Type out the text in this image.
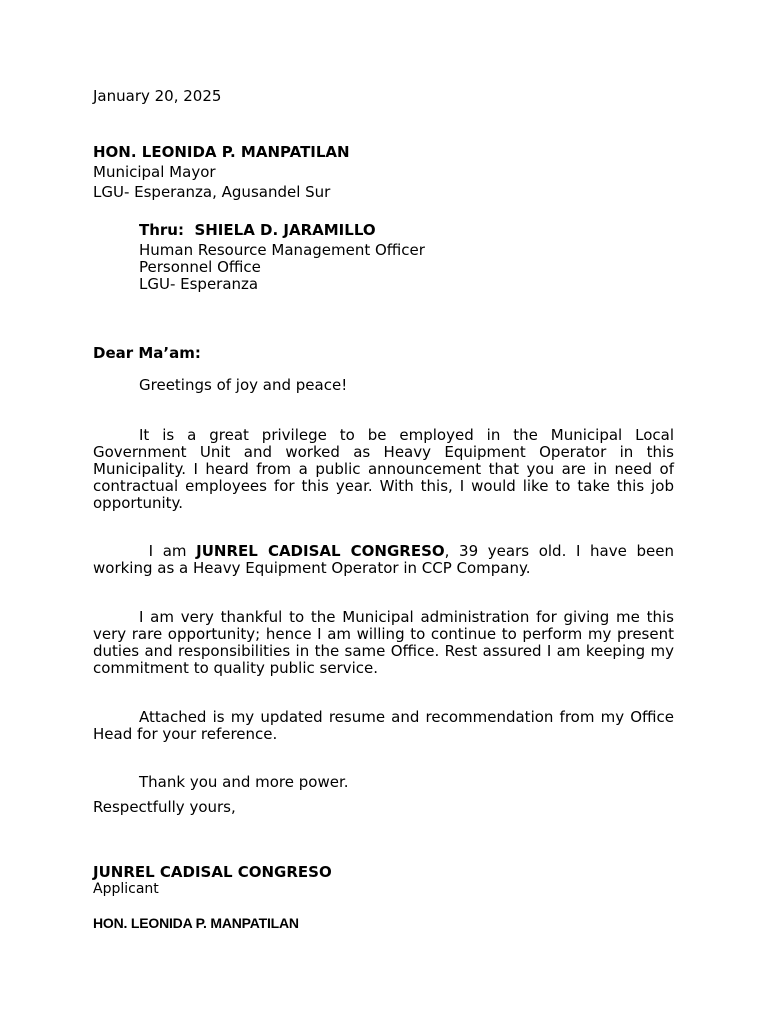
January 20, 2025
HON. LEONIDA P. MANPATILAN
Municipal Mayor
LGU- Esperanza, Agusandel Sur
Thru: SHIELA D. JARAMILLO
Human Resource Management Officer
Personnel Office
LGU- Esperanza
Dear Ma’am:
Greetings of joy and peace!
It is a great privilege to be employed in the Municipal Local Government Unit and worked as Heavy Equipment Operator in this Municipality. I heard from a public announcement that you are in need of contractual employees for this year. With this, I would like to take this job opportunity.
I am JUNREL CADISAL CONGRESO, 39 years old. I have been working as a Heavy Equipment Operator in CCP Company.
I am very thankful to the Municipal administration for giving me this very rare opportunity; hence I am willing to continue to perform my present duties and responsibilities in the same Office. Rest assured I am keeping my commitment to quality public service.
Attached is my updated resume and recommendation from my Office Head for your reference.
Thank you and more power.
Respectfully yours,
JUNREL CADISAL CONGRESO
Applicant
HON. LEONIDA P. MANPATILAN
